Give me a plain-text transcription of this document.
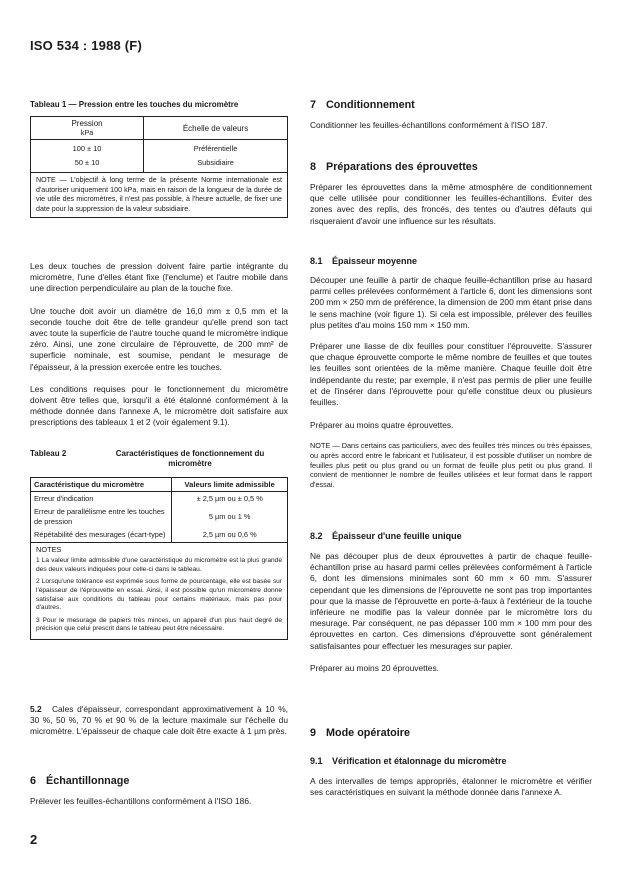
ISO 534 : 1988 (F)

Tableau 1 — Pression entre les touches du micromètre

Pression
kPa	Échelle de valeurs
100 ± 10	Préférentielle
50 ± 10	Subsidiaire
NOTE — L'objectif à long terme de la présente Norme internationale est d'autoriser uniquement 100 kPa, mais en raison de la longueur de la durée de vie utile des micromètres, il n'est pas possible, à l'heure actuelle, de fixer une date pour la suppression de la valeur subsidiaire.	

Les deux touches de pression doivent faire partie intégrante du micromètre, l'une d'elles étant fixe (l'enclume) et l'autre mobile dans une direction perpendiculaire au plan de la touche fixe.

Une touche doit avoir un diamètre de 16,0 mm ± 0,5 mm et la seconde touche doit être de telle grandeur qu'elle prend son tact avec toute la superficie de l'autre touche quand le micromètre indique zéro. Ainsi, une zone circulaire de l'éprouvette, de 200 mm² de superficie nominale, est soumise, pendant le mesurage de l'épaisseur, à la pression exercée entre les touches.

Les conditions requises pour le fonctionnement du micromètre doivent être telles que, lorsqu'il a été étalonné conformément à la méthode donnée dans l'annexe A, le micromètre doit satisfaire aux prescriptions des tableaux 1 et 2 (voir également 9.1).

Tableau 2	Caractéristiques de fonctionnement du
micromètre
Caractéristique du micromètre	Valeurs limite admissible
Erreur d'indication	± 2,5 µm ou ± 0,5 %
Erreur de parallélisme entre les touches de pression	5 µm ou 1 %
Répétabilité des mesurages (écart-type)	2,5 µm ou 0,6 %

NOTES

1 La valeur limite admissible d'une caractéristique du micromètre est la plus grande des deux valeurs indiquées pour celle-ci dans le tableau.

2 Lorsqu'une tolérance est exprimée sous forme de pourcentage, elle est basée sur l'épaisseur de l'éprouvette en essai. Ainsi, il est possible qu'un micromètre donne satisfaise aux conditions du tableau pour certains matériaux, mais pas pour d'autres.

3 Pour le mesurage de papiers très minces, un appareil d'un plus haut degré de précision que celui prescrit dans le tableau peut être nécessaire.	

5.2 Cales d'épaisseur, correspondant approximativement à 10 %, 30 %, 50 %, 70 % et 90 % de la lecture maximale sur l'échelle du micromètre. L'épaisseur de chaque cale doit être exacte à 1 µm près.

6 Échantillonnage

Prélever les feuilles-échantillons conformément à l'ISO 186.

2

7 Conditionnement

Conditionner les feuilles-échantillons conformément à l'ISO 187.

8 Préparations des éprouvettes

Préparer les éprouvettes dans la même atmosphère de conditionnement que celle utilisée pour conditionner les feuilles-échantillons. Éviter des zones avec des replis, des froncés, des tentes ou d'autres défauts qui risqueraient d'avoir une influence sur les résultats.

8.1 Épaisseur moyenne

Découper une feuille à partir de chaque feuille-échantillon prise au hasard parmi celles prélevées conformément à l'article 6, dont les dimensions sont 200 mm × 250 mm de préférence, la dimension de 200 mm étant prise dans le sens machine (voir figure 1). Si cela est impossible, prélever des feuilles plus petites d'au moins 150 mm × 150 mm.

Préparer une liasse de dix feuilles pour constituer l'éprouvette. S'assurer que chaque éprouvette comporte le même nombre de feuilles et que toutes les feuilles sont orientées de la même manière. Chaque feuille doit être indépendante du reste; par exemple, il n'est pas permis de plier une feuille et de l'insérer dans l'éprouvette pour qu'elle constitue deux ou plusieurs feuilles.

Préparer au moins quatre éprouvettes.

NOTE — Dans certains cas particuliers, avec des feuilles très minces ou très épaisses, ou après accord entre le fabricant et l'utilisateur, il est possible d'utiliser un nombre de feuilles plus petit ou plus grand ou un format de feuille plus petit ou plus grand. Il convient de mentionner le nombre de feuilles utilisées et leur format dans le rapport d'essai.

8.2 Épaisseur d'une feuille unique

Ne pas découper plus de deux éprouvettes à partir de chaque feuille-échantillon prise au hasard parmi celles prélevées conformément à l'article 6, dont les dimensions minimales sont 60 mm × 60 mm. S'assurer cependant que les dimensions de l'éprouvette ne sont pas trop importantes pour que la masse de l'éprouvette en porte-à-faux à l'extérieur de la touche inférieure ne modifie pas la valeur donnée par le micromètre lors du mesurage. Par conséquent, ne pas dépasser 100 mm × 100 mm pour des éprouvettes en carton. Ces dimensions d'éprouvette sont généralement satisfaisantes pour effectuer les mesurages sur papier.

Préparer au moins 20 éprouvettes.

9 Mode opératoire

9.1 Vérification et étalonnage du micromètre

A des intervalles de temps appropriés, étalonner le micromètre et vérifier ses caractéristiques en suivant la méthode donnée dans l'annexe A.
